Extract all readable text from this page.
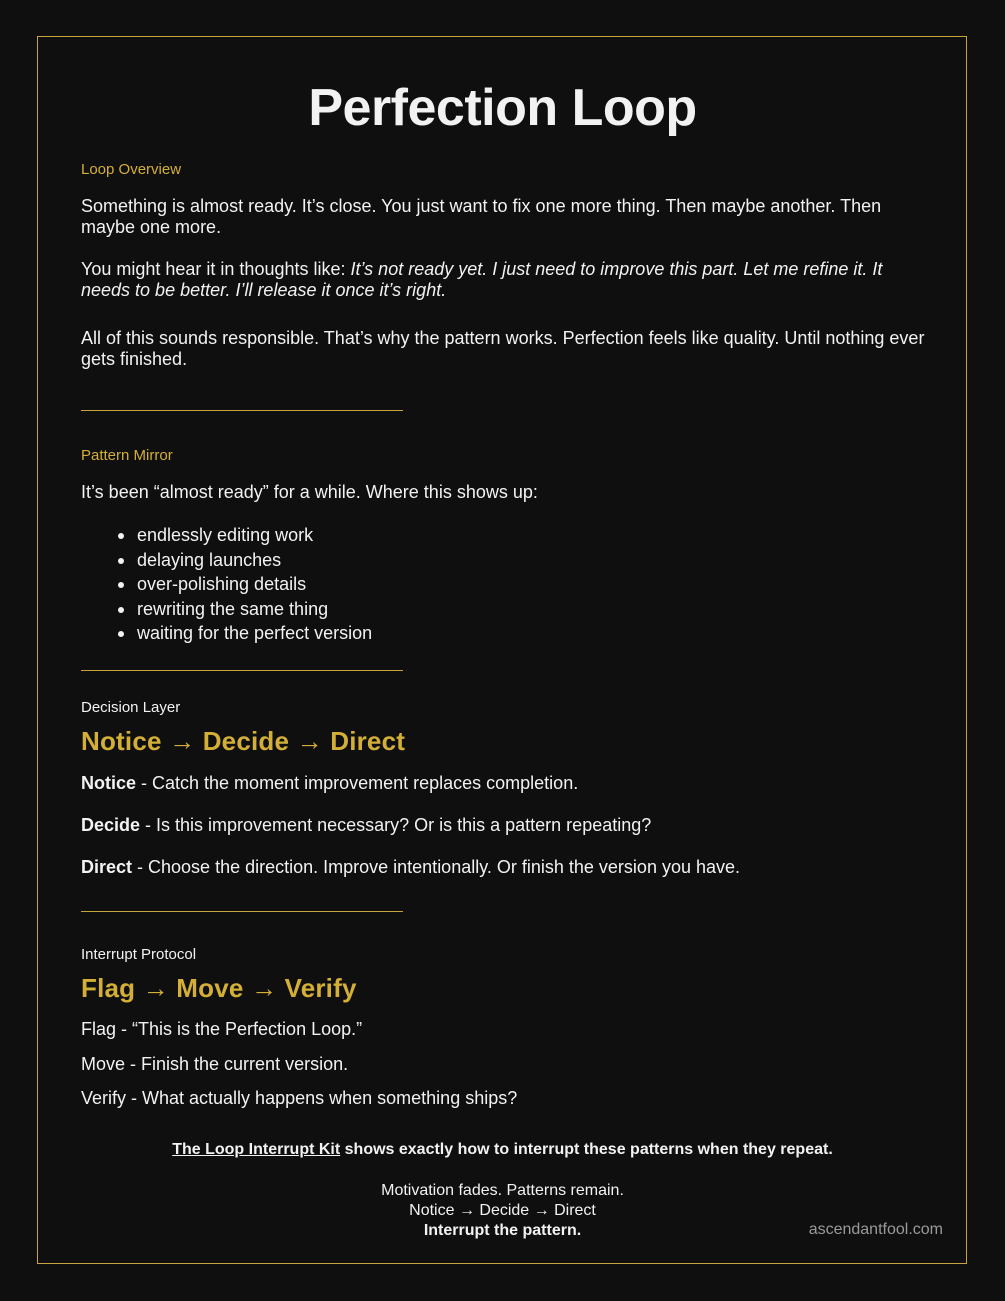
Perfection Loop

Loop Overview

Something is almost ready. It’s close. You just want to fix one more thing. Then maybe another. Then maybe one more.

You might hear it in thoughts like: It’s not ready yet. I just need to improve this part. Let me refine it. It needs to be better. I’ll release it once it’s right.

All of this sounds responsible. That’s why the pattern works. Perfection feels like quality. Until nothing ever gets finished.

Pattern Mirror

It’s been “almost ready” for a while. Where this shows up:

endlessly editing work
delaying launches
over-polishing details
rewriting the same thing
waiting for the perfect version

Decision Layer

Notice → Decide → Direct

Notice - Catch the moment improvement replaces completion.

Decide - Is this improvement necessary? Or is this a pattern repeating?

Direct - Choose the direction. Improve intentionally. Or finish the version you have.

Interrupt Protocol

Flag → Move → Verify

Flag - “This is the Perfection Loop.”

Move - Finish the current version.

Verify - What actually happens when something ships?

The Loop Interrupt Kit shows exactly how to interrupt these patterns when they repeat.

Motivation fades. Patterns remain.
Notice → Decide → Direct
Interrupt the pattern.	ascendantfool.com
